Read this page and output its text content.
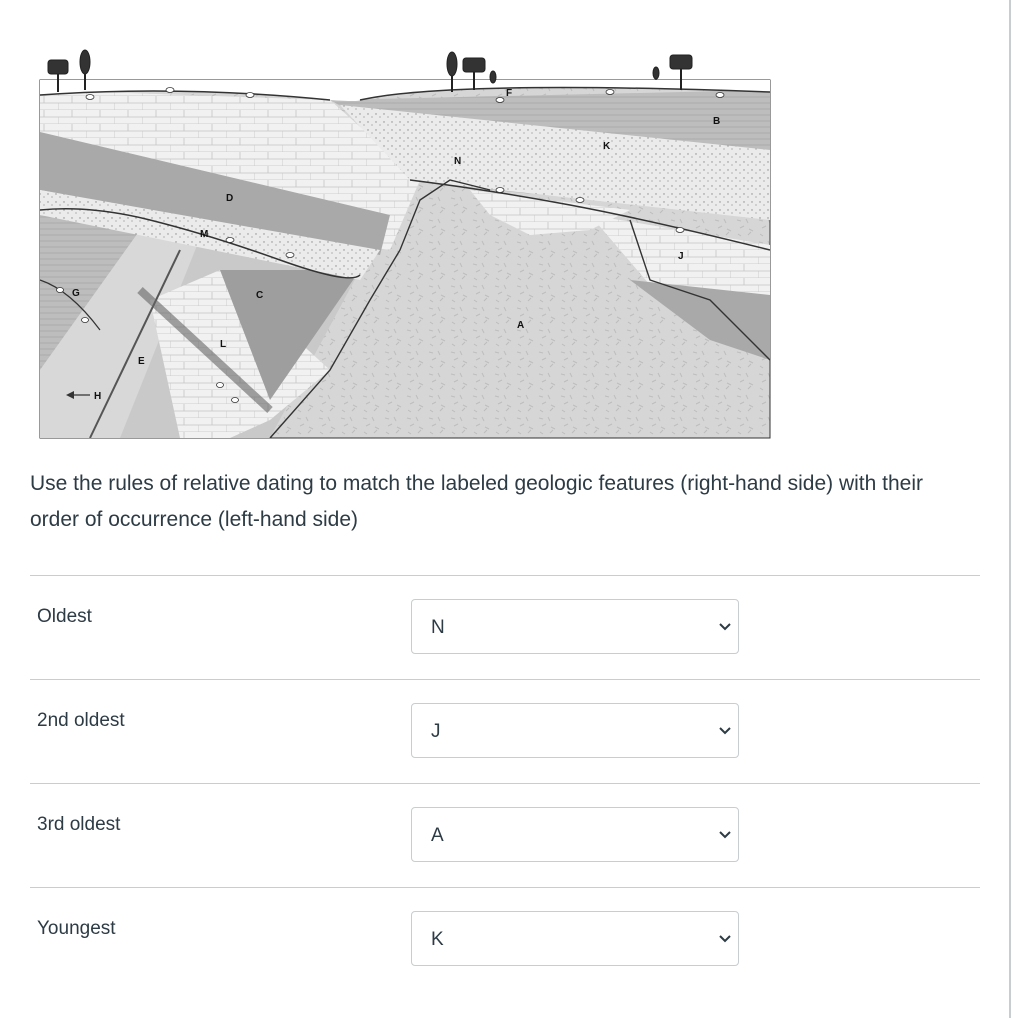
B
K
F
N
J
A
D
M
C
G
L
E
H
Use the rules of relative dating to match the labeled geologic features (right-hand side) with their order of occurrence (left-hand side)
Oldest
N
2nd oldest
J
3rd oldest
A
Youngest
K
